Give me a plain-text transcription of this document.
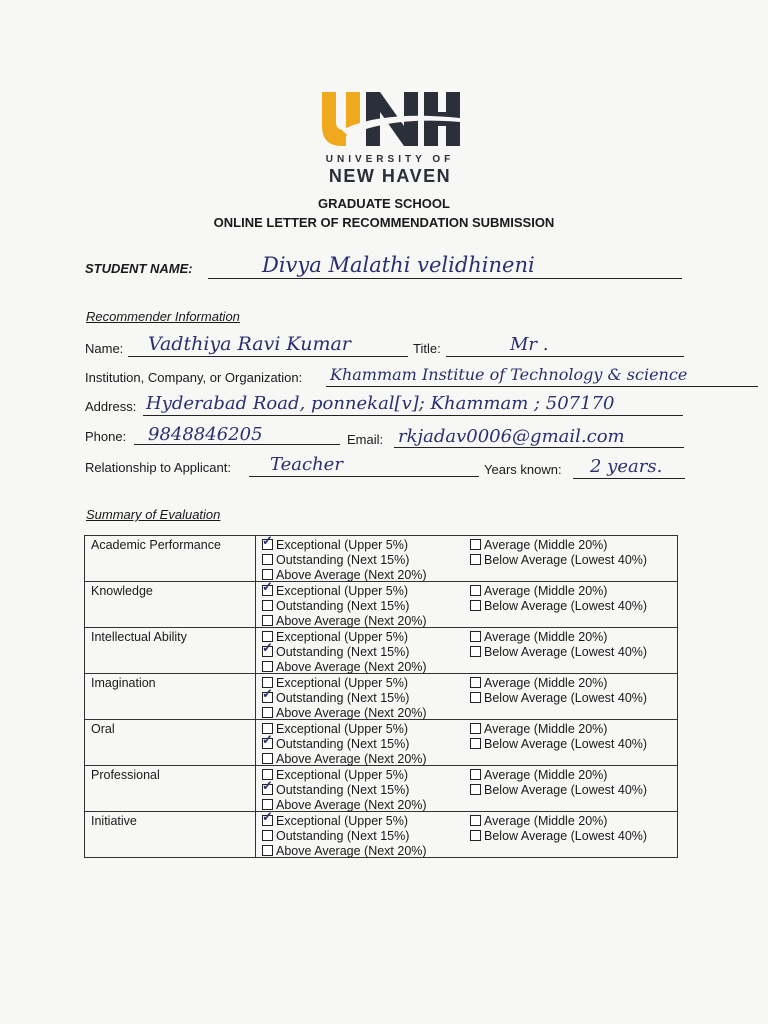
UNIVERSITY OF
NEW HAVEN
GRADUATE SCHOOL
ONLINE LETTER OF RECOMMENDATION SUBMISSION
STUDENT NAME:	Divya Malathi velidhineni
Recommender Information
Name: Vadthiya Ravi Kumar	Title:	Mr .
Institution, Company, or Organization: Khammam Institue of Technology & science
Address: Hyderabad Road, ponnekal[v]; Khammam ; 507170
Phone: 9848846205	Email: rkjadav0006@gmail.com
Relationship to Applicant: Teacher	Years known: 2 years.
Summary of Evaluation
Academic Performance	
✓Exceptional (Upper 5%)
Outstanding (Next 15%)
Above Average (Next 20%)
Average (Middle 20%)
Below Average (Lowest 40%)

Knowledge	
✓Exceptional (Upper 5%)
Outstanding (Next 15%)
Above Average (Next 20%)
Average (Middle 20%)
Below Average (Lowest 40%)

Intellectual Ability	Exceptional (Upper 5%)
✓Outstanding (Next 15%)
Above Average (Next 20%)
Average (Middle 20%)
Below Average (Lowest 40%)

Imagination	Exceptional (Upper 5%)
✓Outstanding (Next 15%)
Above Average (Next 20%)
Average (Middle 20%)
Below Average (Lowest 40%)

Oral	Exceptional (Upper 5%)
✓Outstanding (Next 15%)
Above Average (Next 20%)
Average (Middle 20%)
Below Average (Lowest 40%)

Professional	Exceptional (Upper 5%)
✓Outstanding (Next 15%)
Above Average (Next 20%)
Average (Middle 20%)
Below Average (Lowest 40%)

Initiative	
✓Exceptional (Upper 5%)
Outstanding (Next 15%)
Above Average (Next 20%)
Average (Middle 20%)
Below Average (Lowest 40%)
